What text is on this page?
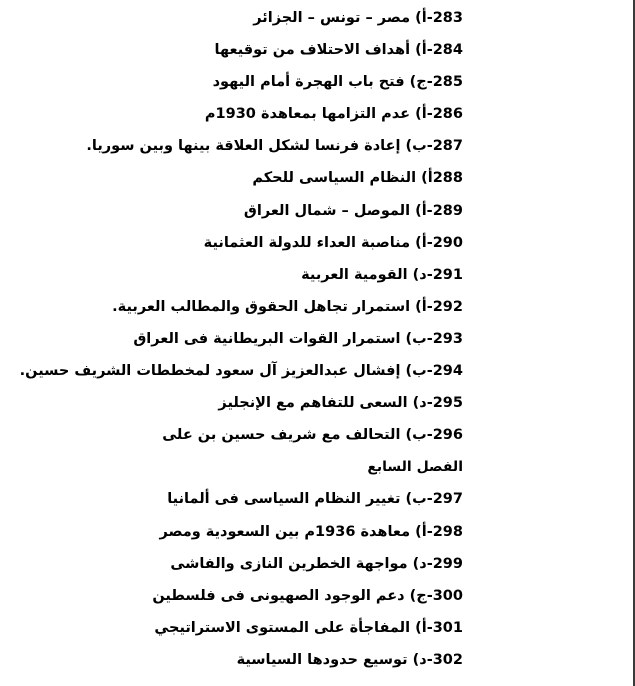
283-أ) مصر – تونس – الجزائر
284-أ) أهداف الاحتلاف من توقيعها
285-ج) فتح باب الهجرة أمام اليهود
286-أ) عدم التزامها بمعاهدة 1930م
287-ب) إعادة فرنسا لشكل العلاقة بينها وبين سوريا.
288أ) النظام السياسى للحكم
289-أ) الموصل – شمال العراق
290-أ) مناصبة العداء للدولة العثمانية
291-د) القومية العربية
292-أ) استمرار تجاهل الحقوق والمطالب العربية.
293-ب) استمرار القوات البريطانية فى العراق
294-ب) إفشال عبدالعزيز آل سعود لمخططات الشريف حسين.
295-د) السعى للتفاهم مع الإنجليز
296-ب) التحالف مع شريف حسين بن على
الفصل السابع
297-ب) تغيير النظام السياسى فى ألمانيا
298-أ) معاهدة 1936م بين السعودية ومصر
299-د) مواجهة الخطرين النازى والفاشى
300-ج) دعم الوجود الصهيونى فى فلسطين
301-أ) المفاجأة على المستوى الاستراتيجي
302-د) توسيع حدودها السياسية
